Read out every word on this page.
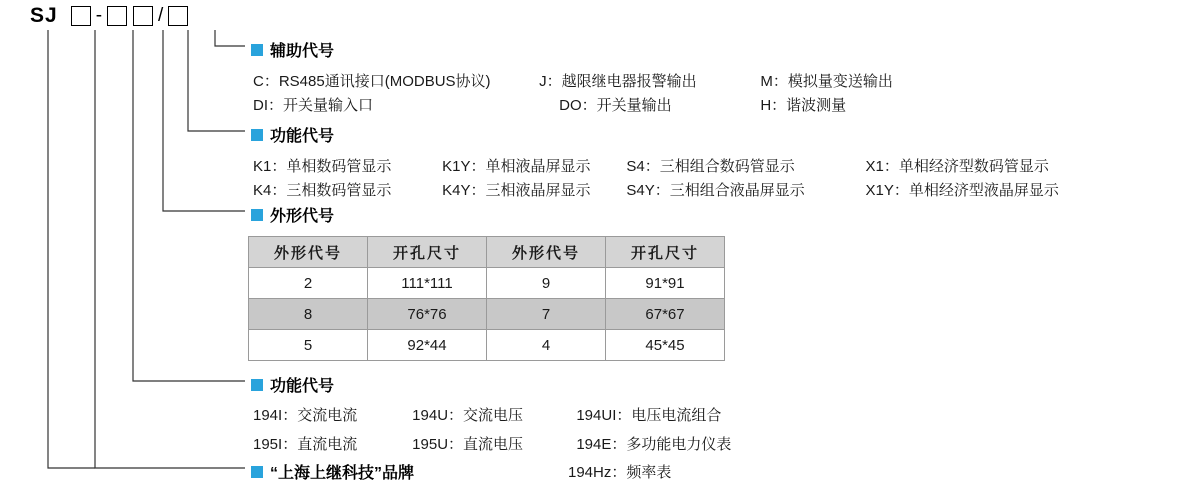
SJ -	/
辅助代号
C：RS485通讯接口(MODBUS协议)	J：越限继电器报警输出	M：模拟量变送输出
DI：开关量输入口	DO：开关量输出	H：谐波测量
功能代号
K1：单相数码管显示	K1Y：单相液晶屏显示 S4：三相组合数码管显示	X1：单相经济型数码管显示
K4：三相数码管显示	K4Y：三相液晶屏显示 S4Y：三相组合液晶屏显示	X1Y：单相经济型液晶屏显示
外形代号
外形代号	开孔尺寸	外形代号	开孔尺寸
2	111*111	9	91*91
8	76*76	7	67*67
5	92*44	4	45*45
功能代号
194I：交流电流	194U：交流电压	194UI：电压电流组合
195I：直流电流	195U：直流电压	194E：多功能电力仪表
194Hz：频率表
“上海上继科技”品牌
